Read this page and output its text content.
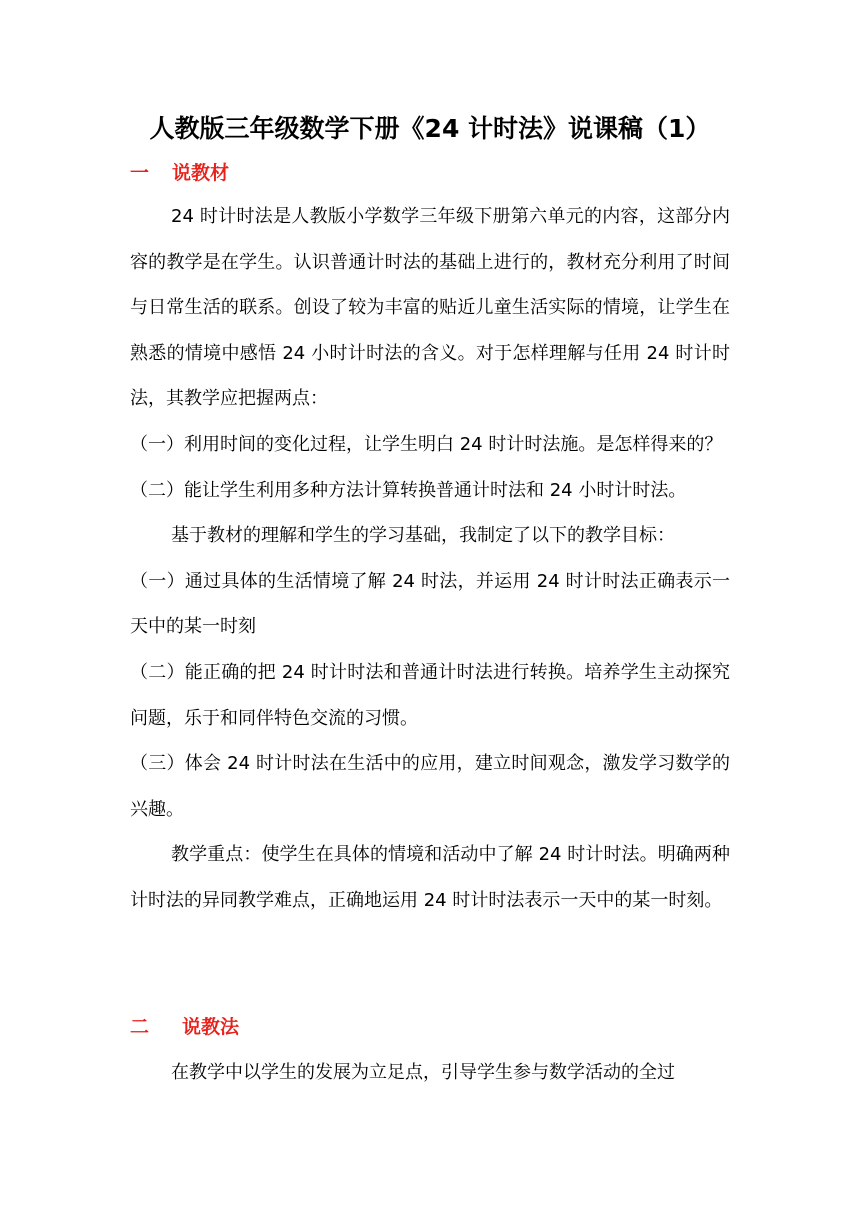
人教版三年级数学下册《24 计时法》说课稿（1）
一 说教材

24 时计时法是人教版小学数学三年级下册第六单元的内容，这部分内容的教学是在学生。认识普通计时法的基础上进行的，教材充分利用了时间与日常生活的联系。创设了较为丰富的贴近儿童生活实际的情境，让学生在熟悉的情境中感悟 24 小时计时法的含义。对于怎样理解与任用 24 时计时法，其教学应把握两点：

（一）利用时间的变化过程，让学生明白 24 时计时法施。是怎样得来的？

（二）能让学生利用多种方法计算转换普通计时法和 24 小时计时法。

基于教材的理解和学生的学习基础，我制定了以下的教学目标：

（一）通过具体的生活情境了解 24 时法，并运用 24 时计时法正确表示一天中的某一时刻

（二）能正确的把 24 时计时法和普通计时法进行转换。培养学生主动探究问题，乐于和同伴特色交流的习惯。

（三）体会 24 时计时法在生活中的应用，建立时间观念，激发学习数学的兴趣。

教学重点：使学生在具体的情境和活动中了解 24 时计时法。明确两种计时法的异同教学难点，正确地运用 24 时计时法表示一天中的某一时刻。

二 说教法

在教学中以学生的发展为立足点，引导学生参与数学活动的全过
